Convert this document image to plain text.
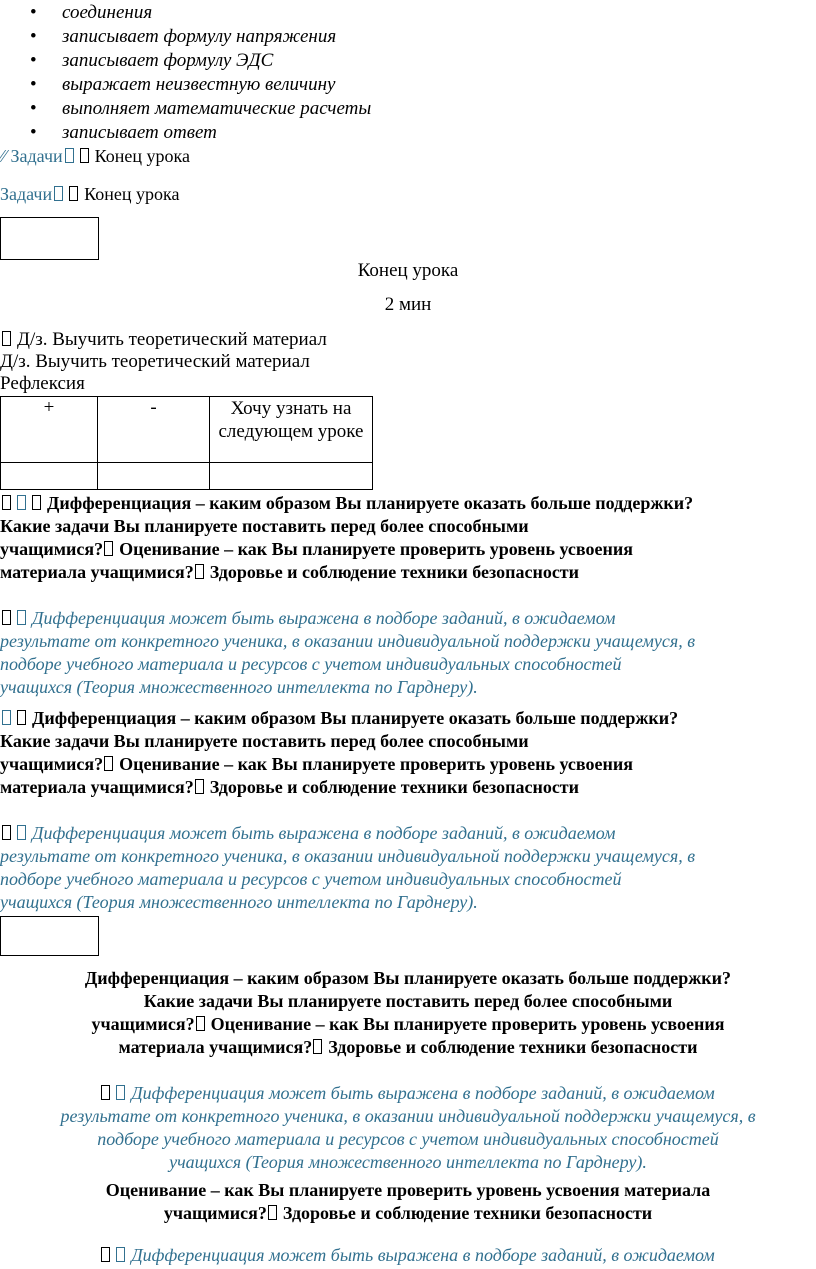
• соединения
• записывает формулу напряжения
• записывает формулу ЭДС
• выражает неизвестную величину
• выполняет математические расчеты
• записывает ответ
⁄⁄ Задачи Конец урока
Задачи Конец урока
Конец урока
2 мин
Д/з. Выучить теоретический материал
Д/з. Выучить теоретический материал
Рефлексия
+	-	Хочу узнать на следующем уроке

Дифференциация – каким образом Вы планируете оказать больше поддержки?
Какие задачи Вы планируете поставить перед более способными
учащимися? Оценивание – как Вы планируете проверить уровень усвоения
материала учащимися? Здоровье и соблюдение техники безопасности
Дифференциация может быть выражена в подборе заданий, в ожидаемом
результате от конкретного ученика, в оказании индивидуальной поддержки учащемуся, в
подборе учебного материала и ресурсов с учетом индивидуальных способностей
учащихся (Теория множественного интеллекта по Гарднеру).
Дифференциация – каким образом Вы планируете оказать больше поддержки?
Какие задачи Вы планируете поставить перед более способными
учащимися? Оценивание – как Вы планируете проверить уровень усвоения
материала учащимися? Здоровье и соблюдение техники безопасности
Дифференциация может быть выражена в подборе заданий, в ожидаемом
результате от конкретного ученика, в оказании индивидуальной поддержки учащемуся, в
подборе учебного материала и ресурсов с учетом индивидуальных способностей
учащихся (Теория множественного интеллекта по Гарднеру).
Дифференциация – каким образом Вы планируете оказать больше поддержки?
Какие задачи Вы планируете поставить перед более способными
учащимися? Оценивание – как Вы планируете проверить уровень усвоения
материала учащимися? Здоровье и соблюдение техники безопасности
Дифференциация может быть выражена в подборе заданий, в ожидаемом
результате от конкретного ученика, в оказании индивидуальной поддержки учащемуся, в
подборе учебного материала и ресурсов с учетом индивидуальных способностей
учащихся (Теория множественного интеллекта по Гарднеру).
Оценивание – как Вы планируете проверить уровень усвоения материала
учащимися? Здоровье и соблюдение техники безопасности
Дифференциация может быть выражена в подборе заданий, в ожидаемом
